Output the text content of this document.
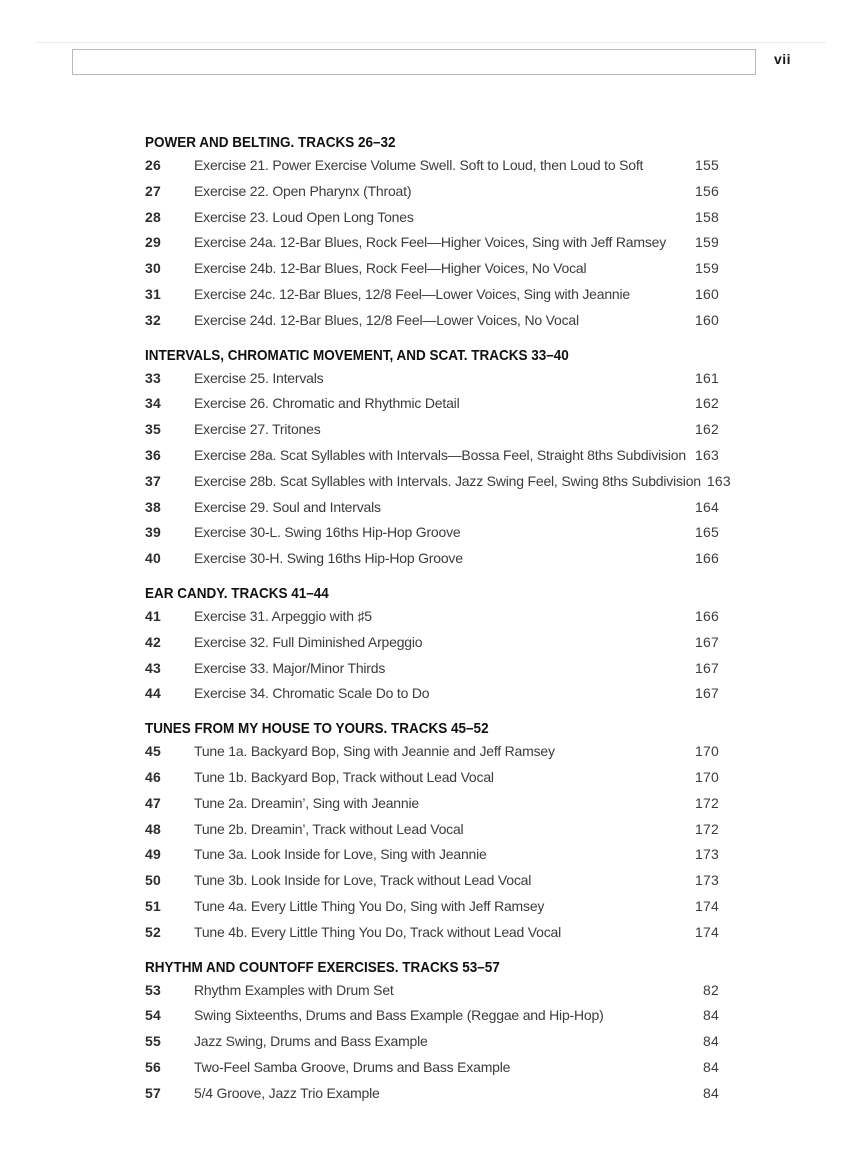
vii
POWER AND BELTING. TRACKS 26–32
26	Exercise 21. Power Exercise Volume Swell. Soft to Loud, then Loud to Soft	155
27	Exercise 22. Open Pharynx (Throat)	156
28	Exercise 23. Loud Open Long Tones	158
29	Exercise 24a. 12-Bar Blues, Rock Feel—Higher Voices, Sing with Jeff Ramsey	159
30	Exercise 24b. 12-Bar Blues, Rock Feel—Higher Voices, No Vocal	159
31	Exercise 24c. 12-Bar Blues, 12/8 Feel—Lower Voices, Sing with Jeannie	160
32	Exercise 24d. 12-Bar Blues, 12/8 Feel—Lower Voices, No Vocal	160
INTERVALS, CHROMATIC MOVEMENT, AND SCAT. TRACKS 33–40
33	Exercise 25. Intervals	161
34	Exercise 26. Chromatic and Rhythmic Detail	162
35	Exercise 27. Tritones	162
36	Exercise 28a. Scat Syllables with Intervals—Bossa Feel, Straight 8ths Subdivision 163
37	Exercise 28b. Scat Syllables with Intervals. Jazz Swing Feel, Swing 8ths Subdivision 163
38	Exercise 29. Soul and Intervals	164
39	Exercise 30-L. Swing 16ths Hip-Hop Groove	165
40	Exercise 30-H. Swing 16ths Hip-Hop Groove	166
EAR CANDY. TRACKS 41–44
41	Exercise 31. Arpeggio with ♯5	166
42	Exercise 32. Full Diminished Arpeggio	167
43	Exercise 33. Major/Minor Thirds	167
44	Exercise 34. Chromatic Scale Do to Do	167
TUNES FROM MY HOUSE TO YOURS. TRACKS 45–52
45	Tune 1a. Backyard Bop, Sing with Jeannie and Jeff Ramsey	170
46	Tune 1b. Backyard Bop, Track without Lead Vocal	170
47	Tune 2a. Dreamin’, Sing with Jeannie	172
48	Tune 2b. Dreamin’, Track without Lead Vocal	172
49	Tune 3a. Look Inside for Love, Sing with Jeannie	173
50	Tune 3b. Look Inside for Love, Track without Lead Vocal	173
51	Tune 4a. Every Little Thing You Do, Sing with Jeff Ramsey	174
52	Tune 4b. Every Little Thing You Do, Track without Lead Vocal	174
RHYTHM AND COUNTOFF EXERCISES. TRACKS 53–57
53	Rhythm Examples with Drum Set	82
54	Swing Sixteenths, Drums and Bass Example (Reggae and Hip-Hop)	84
55	Jazz Swing, Drums and Bass Example	84
56	Two-Feel Samba Groove, Drums and Bass Example	84
57	5/4 Groove, Jazz Trio Example	84
